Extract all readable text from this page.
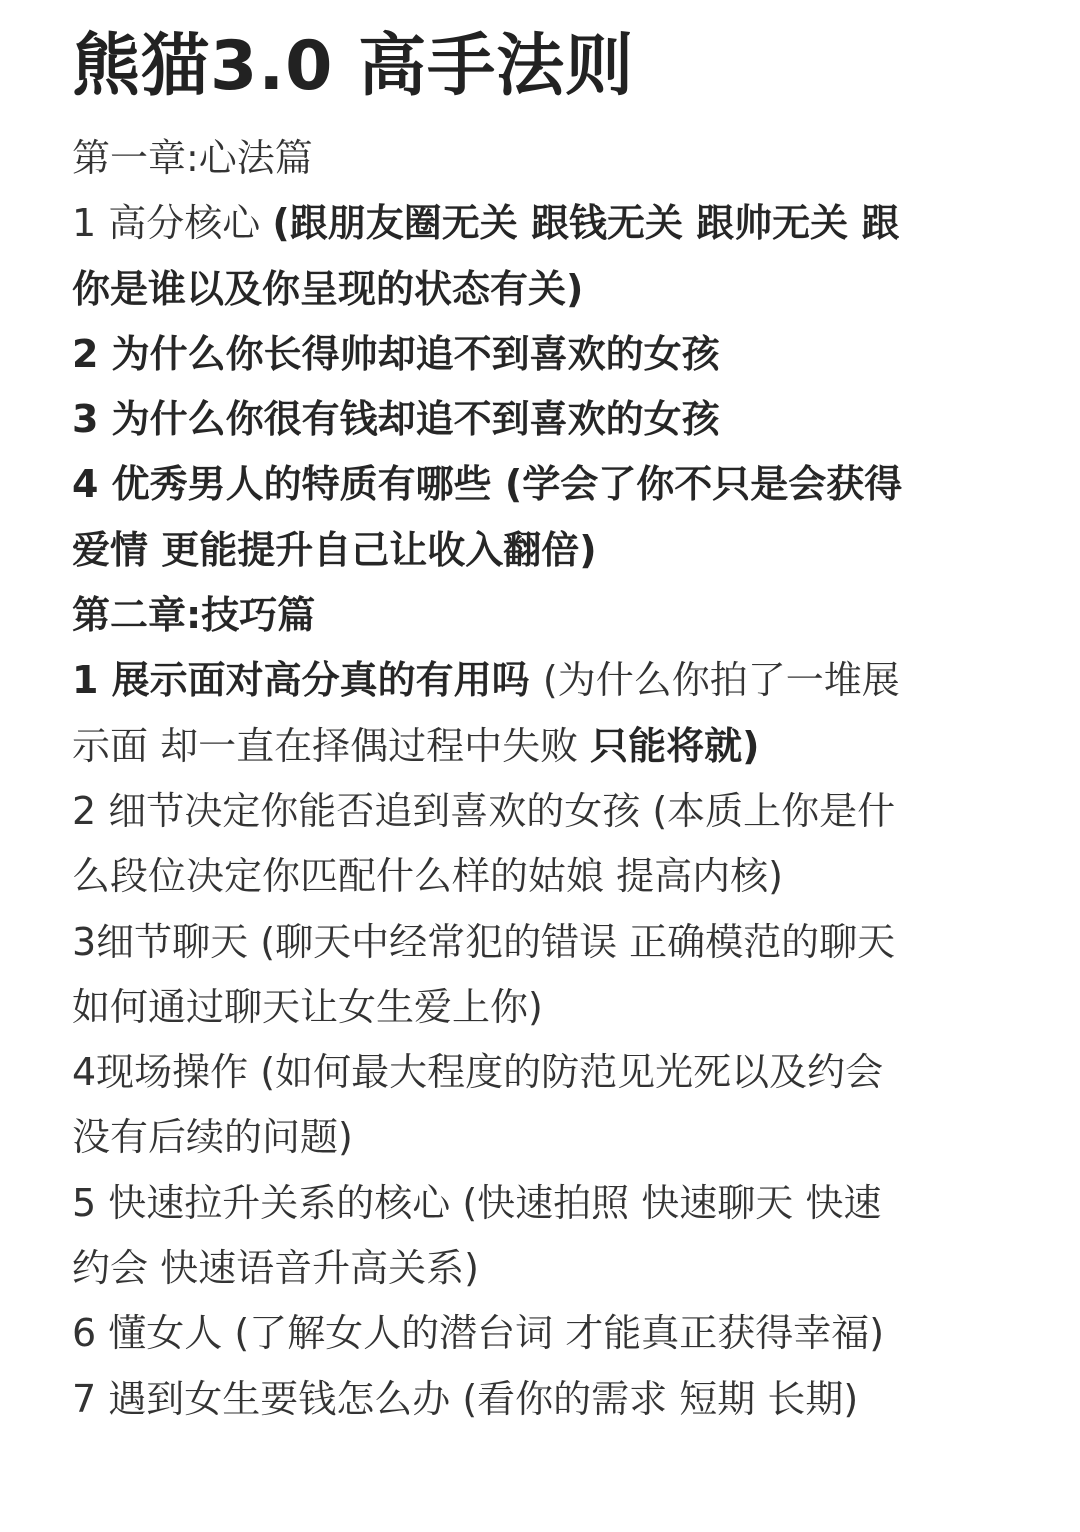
熊猫3.0 高手法则

第一章:心法篇

1 高分核心 (跟朋友圈无关 跟钱无关 跟帅无关 跟

你是谁以及你呈现的状态有关)

2 为什么你长得帅却追不到喜欢的女孩

3 为什么你很有钱却追不到喜欢的女孩

4 优秀男人的特质有哪些 (学会了你不只是会获得

爱情 更能提升自己让收入翻倍)

第二章:技巧篇

1 展示面对高分真的有用吗 (为什么你拍了一堆展

示面 却一直在择偶过程中失败 只能将就)

2 细节决定你能否追到喜欢的女孩 (本质上你是什

么段位决定你匹配什么样的姑娘 提高内核)

3细节聊天 (聊天中经常犯的错误 正确模范的聊天

如何通过聊天让女生爱上你)

4现场操作 (如何最大程度的防范见光死以及约会

没有后续的问题)

5 快速拉升关系的核心 (快速拍照 快速聊天 快速

约会 快速语音升高关系)

6 懂女人 (了解女人的潜台词 才能真正获得幸福)

7 遇到女生要钱怎么办 (看你的需求 短期 长期)
